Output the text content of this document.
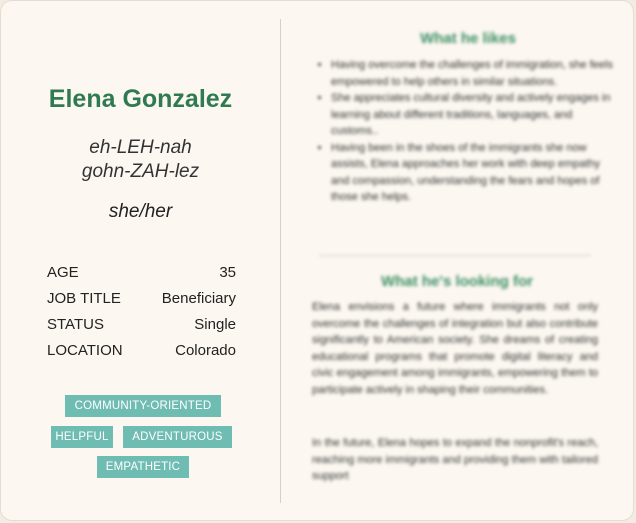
Elena Gonzalez
eh-LEH-nah
gohn-ZAH-lez
she/her
AGE	35
JOB TITLE	Beneficiary
STATUS	Single
LOCATION	Colorado
COMMUNITY-ORIENTED
HELPFUL	ADVENTUROUS
EMPATHETIC
What he likes
• Having overcome the challenges of immigration, she feels empowered to help others in similar situations.
• She appreciates cultural diversity and actively engages in learning about different traditions, languages, and customs..
• Having been in the shoes of the immigrants she now assists, Elena approaches her work with deep empathy and compassion, understanding the fears and hopes of those she helps.
What he's looking for
Elena envisions a future where immigrants not only overcome the challenges of integration but also contribute significantly to American society. She dreams of creating educational programs that promote digital literacy and civic engagement among immigrants, empowering them to participate actively in shaping their communities.
In the future, Elena hopes to expand the nonprofit's reach, reaching more immigrants and providing them with tailored support
